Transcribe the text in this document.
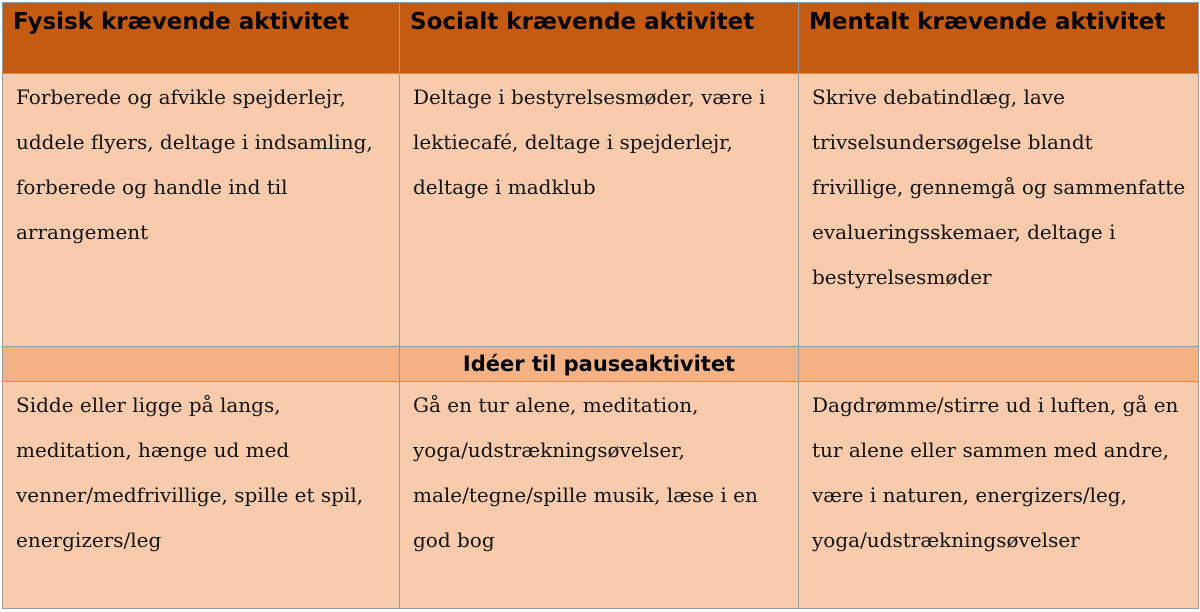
Fysisk krævende aktivitet	Socialt krævende aktivitet	Mentalt krævende aktivitet

Forberede og afvikle spejderlejr, uddele flyers, deltage i indsamling, forberede og handle ind til arrangement	Deltage i bestyrelsesmøder, være i lektiecafé, deltage i spejderlejr, deltage i madklub	Skrive debatindlæg, lave trivselsundersøgelse blandt frivillige, gennemgå og sammenfatte evalueringsskemaer, deltage i bestyrelsesmøder

	Idéer til pauseaktivitet	

Sidde eller ligge på langs, meditation, hænge ud med venner/medfrivillige, spille et spil, energizers/leg	Gå en tur alene, meditation, yoga/udstrækningsøvelser, male/tegne/spille musik, læse i en god bog	Dagdrømme/stirre ud i luften, gå en tur alene eller sammen med andre, være i naturen, energizers/leg, yoga/udstrækningsøvelser
